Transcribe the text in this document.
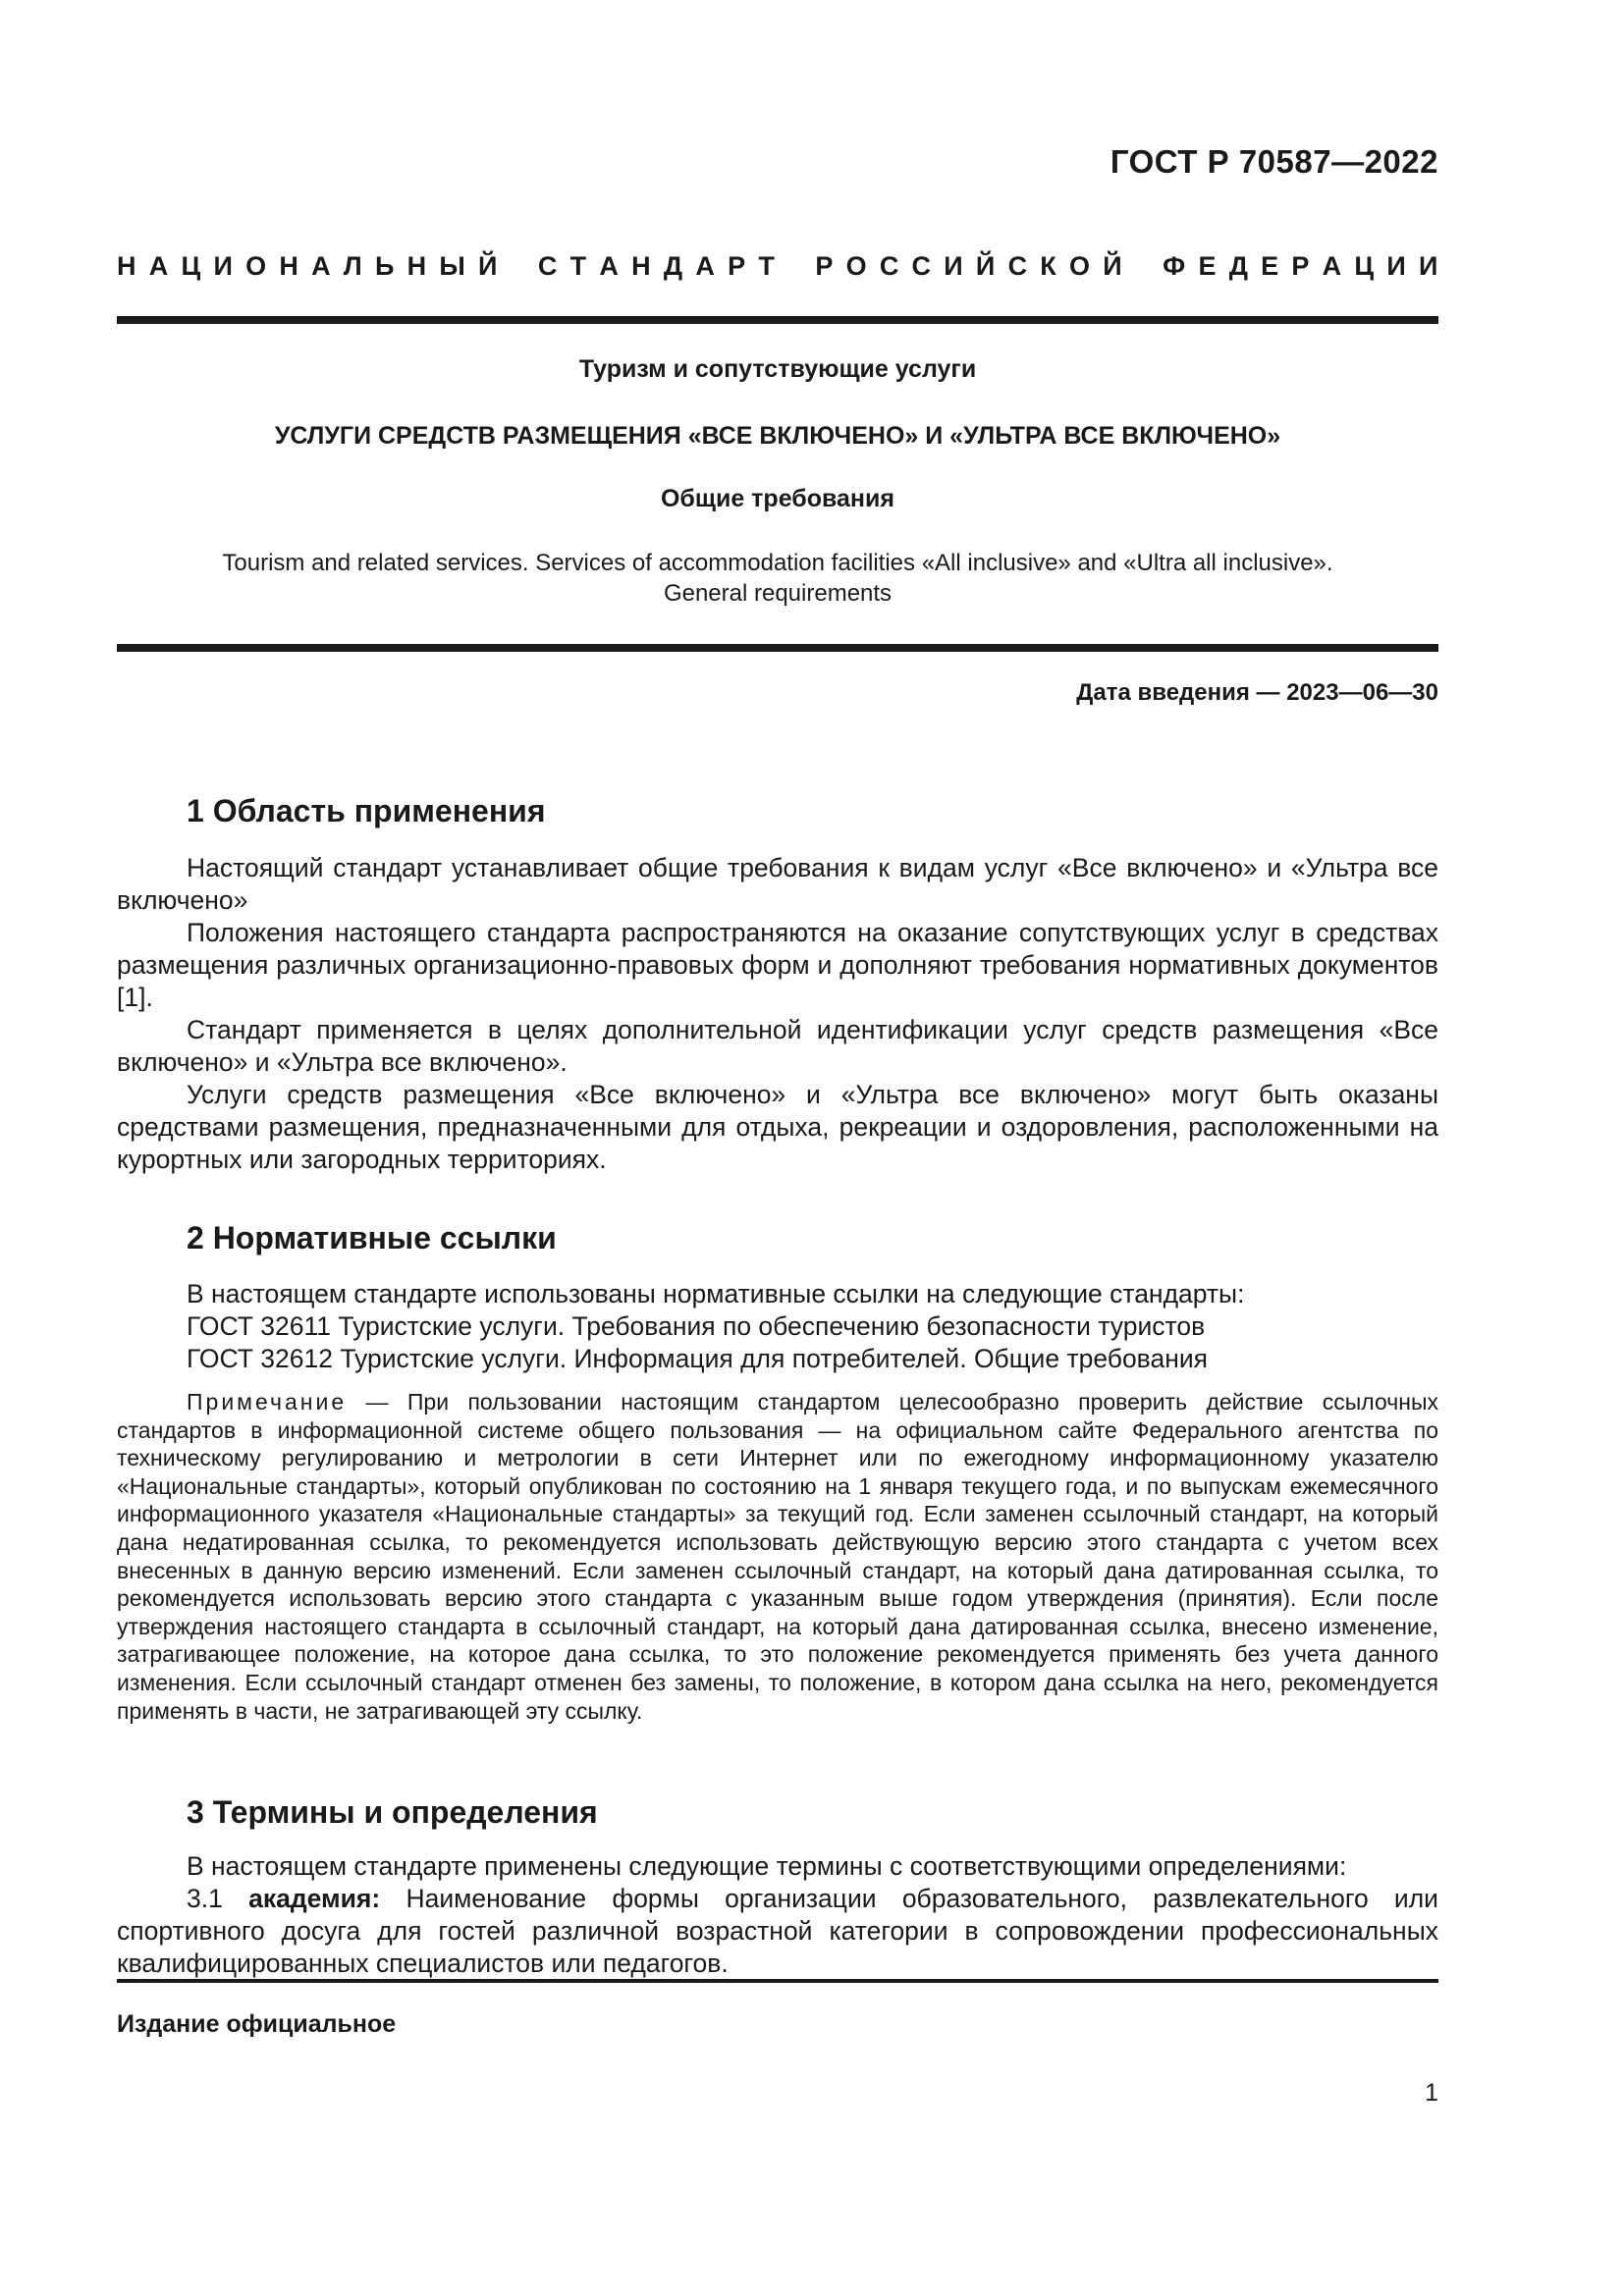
ГОСТ Р 70587—2022
Н А Ц И О Н А Л Ь Н Ы Й
С Т А Н Д А Р Т
Р О С С И Й С К О Й
Ф Е Д Е Р А Ц И И
Туризм и сопутствующие услуги
УСЛУГИ СРЕДСТВ РАЗМЕЩЕНИЯ «ВСЕ ВКЛЮЧЕНО» И «УЛЬТРА ВСЕ ВКЛЮЧЕНО»
Общие требования
Tourism and related services. Services of accommodation facilities «All inclusive» and «Ultra all inclusive».
General requirements
Дата введения — 2023—06—30
1 Область применения

Настоящий стандарт устанавливает общие требования к видам услуг «Все включено» и «Ультра все включено»

Положения настоящего стандарта распространяются на оказание сопутствующих услуг в средствах размещения различных организационно-правовых форм и дополняют требования нормативных документов [1].

Стандарт применяется в целях дополнительной идентификации услуг средств размещения «Все включено» и «Ультра все включено».

Услуги средств размещения «Все включено» и «Ультра все включено» могут быть оказаны средствами размещения, предназначенными для отдыха, рекреации и оздоровления, расположенными на курортных или загородных территориях.

2 Нормативные ссылки
В настоящем стандарте использованы нормативные ссылки на следующие стандарты:
ГОСТ 32611 Туристские услуги. Требования по обеспечению безопасности туристов
ГОСТ 32612 Туристские услуги. Информация для потребителей. Общие требования

Примечание — При пользовании настоящим стандартом целесообразно проверить действие ссылочных стандартов в информационной системе общего пользования — на официальном сайте Федерального агентства по техническому регулированию и метрологии в сети Интернет или по ежегодному информационному указателю «Национальные стандарты», который опубликован по состоянию на 1 января текущего года, и по выпускам ежемесячного информационного указателя «Национальные стандарты» за текущий год. Если заменен ссылочный стандарт, на который дана недатированная ссылка, то рекомендуется использовать действующую версию этого стандарта с учетом всех внесенных в данную версию изменений. Если заменен ссылочный стандарт, на который дана датированная ссылка, то рекомендуется использовать версию этого стандарта с указанным выше годом утверждения (принятия). Если после утверждения настоящего стандарта в ссылочный стандарт, на который дана датированная ссылка, внесено изменение, затрагивающее положение, на которое дана ссылка, то это положение рекомендуется применять без учета данного изменения. Если ссылочный стандарт отменен без замены, то положение, в котором дана ссылка на него, рекомендуется применять в части, не затрагивающей эту ссылку.

3 Термины и определения

В настоящем стандарте применены следующие термины с соответствующими определениями:

3.1 академия: Наименование формы организации образовательного, развлекательного или спортивного досуга для гостей различной возрастной категории в сопровождении профессиональных квалифицированных специалистов или педагогов.

Издание официальное
1
